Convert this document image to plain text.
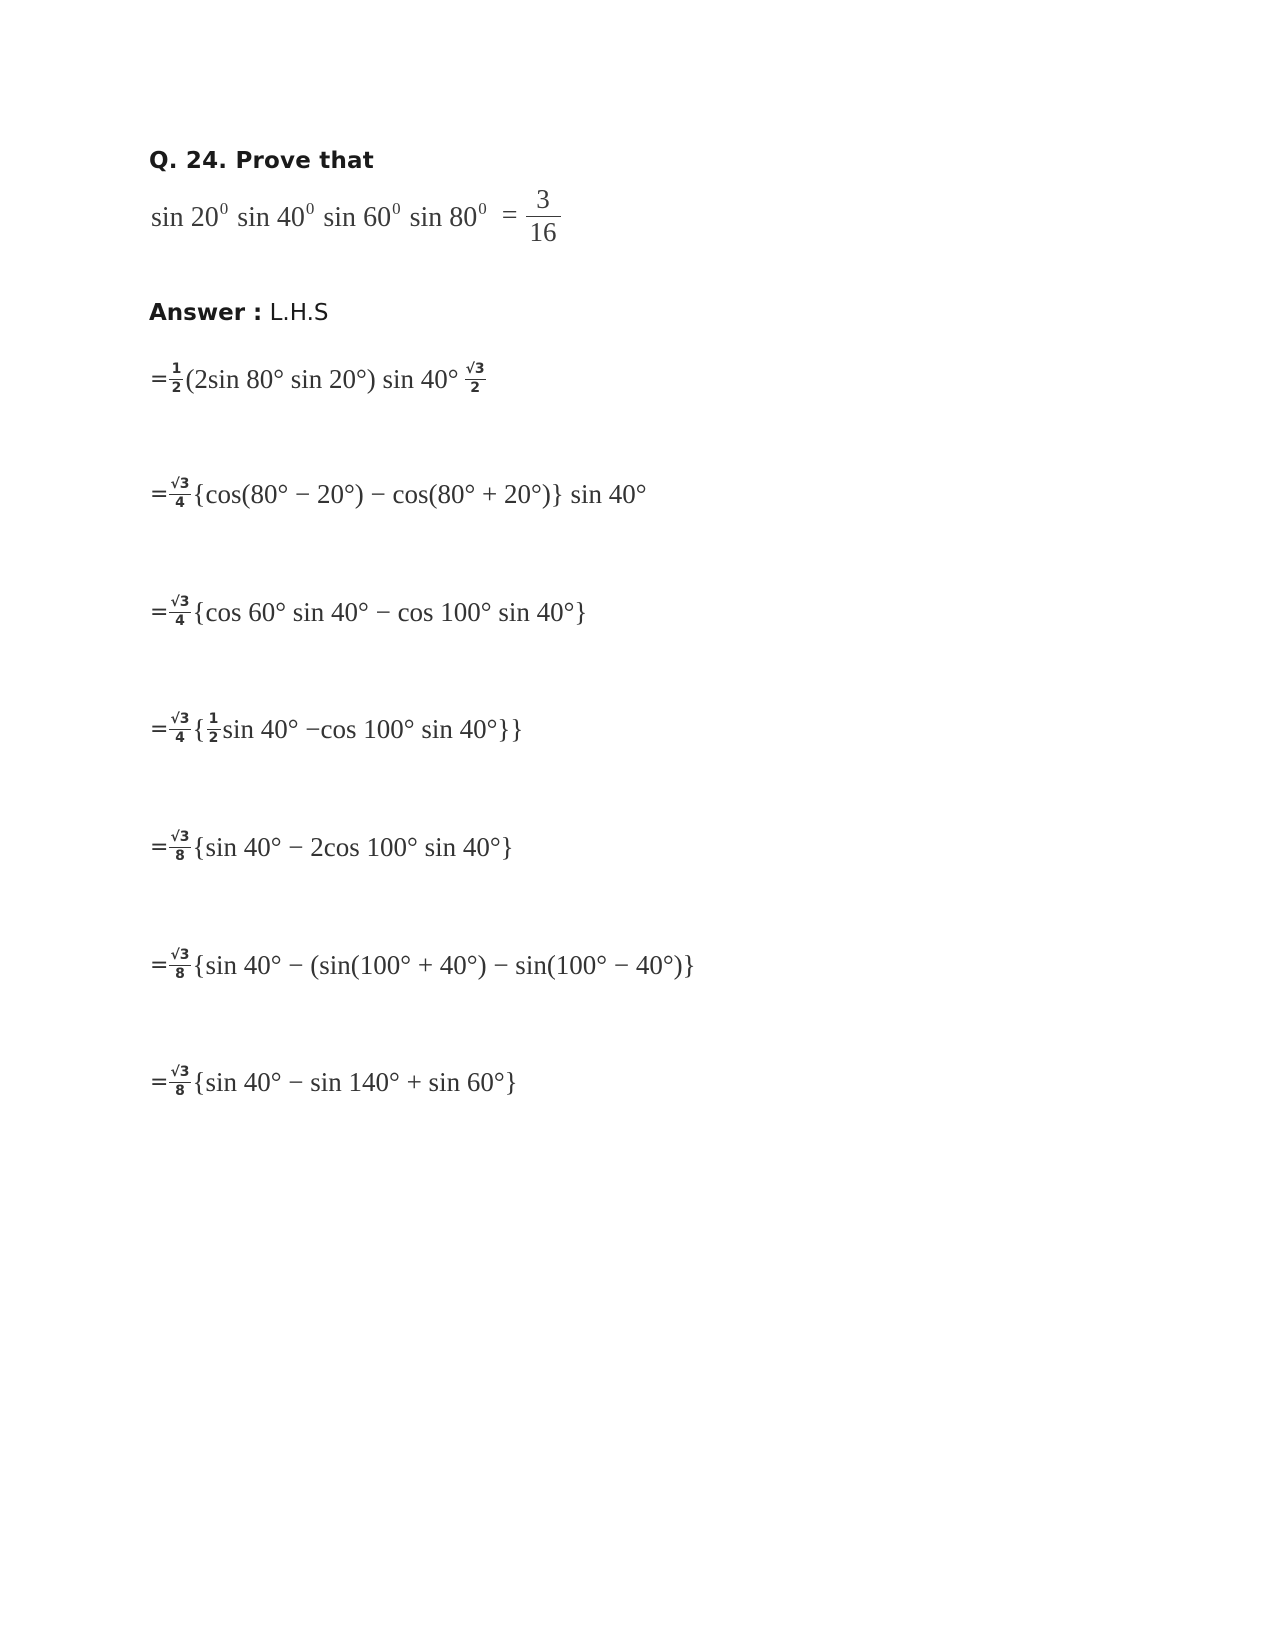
Q. 24. Prove that
$\sin 20^0$ $\sin 40^0$ $\sin 60^0$ $\sin 80^0 = \frac{3}{16}$
Answer : L.H.S
= $\frac{1}{2} (2\sin$ 80° sin 20°) $\sin 40^\circ \frac{√3}{2}$
= $\frac{√3}{4} \{\cos(80^\circ - 20^\circ) - \cos(80^\circ + 20^\circ)\}$ sin 40°
= $\frac{√3}{4} \{\cos$ 60° sin 40° − cos 100° sin 40°}
= $\frac{√3}{4}$ { $\frac{1}{2}$ sin 40° −cos 100° sin 40°}}
= $\frac{√3}{8} \{\sin$ 40° − 2cos 100° sin 40°}
= $\frac{√3}{8} \{\sin$ 40° − (sin(100° + 40°) − sin(100° − 40°)}
= $\frac{√3}{8} \{\sin$ 40° − sin 140° + sin 60°}
